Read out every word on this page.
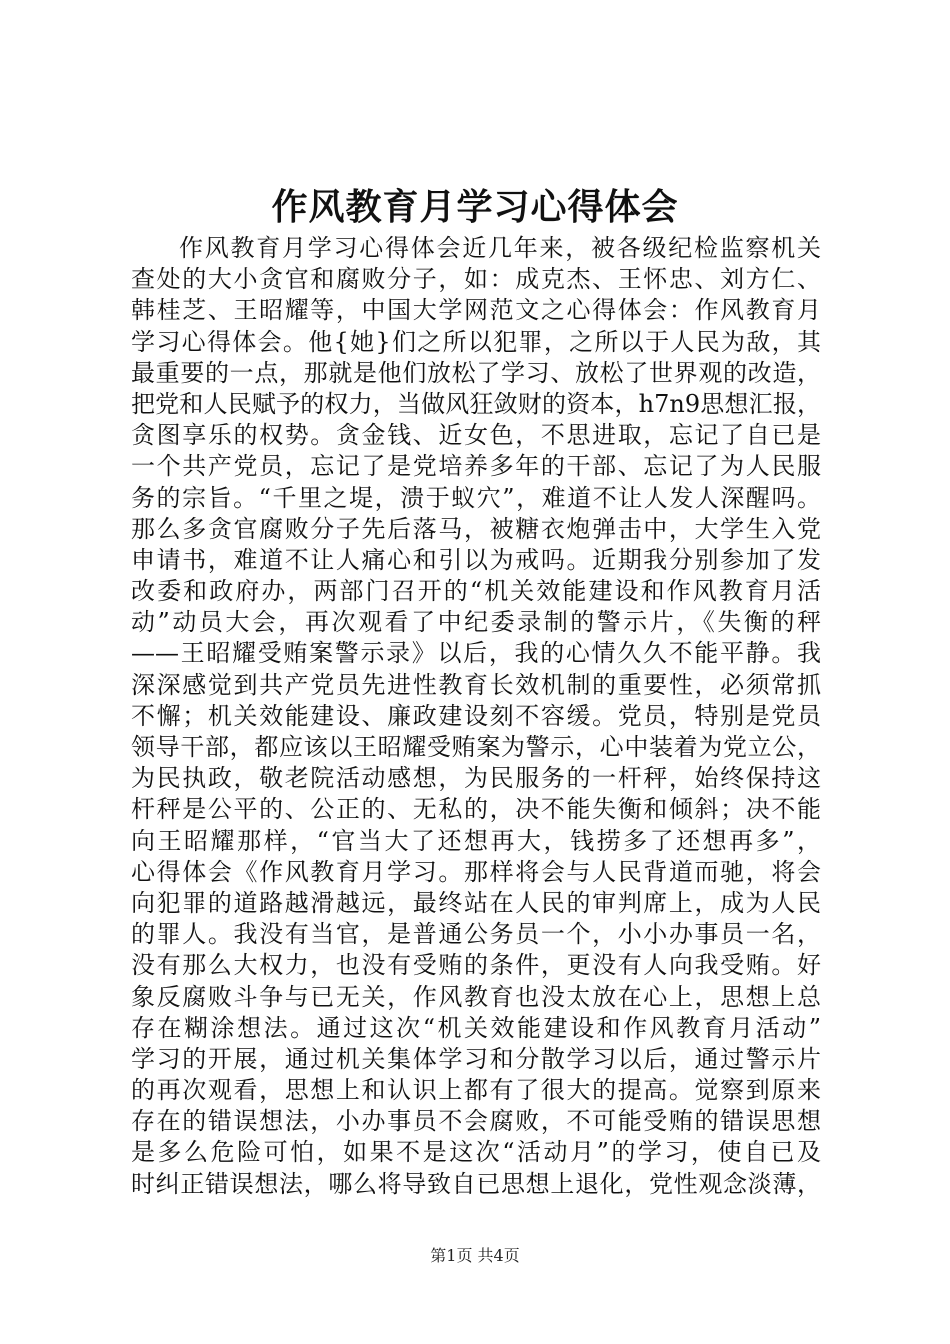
作风教育月学习心得体会
作风教育月学习心得体会近几年来，被各级纪检监察机关
查处的大小贪官和腐败分子，如：成克杰、王怀忠、刘方仁、
韩桂芝、王昭耀等，中国大学网范文之心得体会：作风教育月
学习心得体会。他{她}们之所以犯罪，之所以于人民为敌，其
最重要的一点，那就是他们放松了学习、放松了世界观的改造，
把党和人民赋予的权力，当做风狂敛财的资本，h7n9思想汇报，
贪图享乐的权势。贪金钱、近女色，不思进取，忘记了自已是
一个共产党员，忘记了是党培养多年的干部、忘记了为人民服
务的宗旨。“千里之堤，溃于蚁穴”，难道不让人发人深醒吗。
那么多贪官腐败分子先后落马，被糖衣炮弹击中，大学生入党
申请书，难道不让人痛心和引以为戒吗。近期我分别参加了发
改委和政府办，两部门召开的“机关效能建设和作风教育月活
动”动员大会，再次观看了中纪委录制的警示片，《失衡的秤
——王昭耀受贿案警示录》以后，我的心情久久不能平静。我
深深感觉到共产党员先进性教育长效机制的重要性，必须常抓
不懈；机关效能建设、廉政建设刻不容缓。党员，特别是党员
领导干部，都应该以王昭耀受贿案为警示，心中装着为党立公，
为民执政，敬老院活动感想，为民服务的一杆秤，始终保持这
杆秤是公平的、公正的、无私的，决不能失衡和倾斜；决不能
向王昭耀那样，“官当大了还想再大，钱捞多了还想再多”，
心得体会《作风教育月学习。那样将会与人民背道而驰，将会
向犯罪的道路越滑越远，最终站在人民的审判席上，成为人民
的罪人。我没有当官，是普通公务员一个，小小办事员一名，
没有那么大权力，也没有受贿的条件，更没有人向我受贿。好
象反腐败斗争与已无关，作风教育也没太放在心上，思想上总
存在糊涂想法。通过这次“机关效能建设和作风教育月活动”
学习的开展，通过机关集体学习和分散学习以后，通过警示片
的再次观看，思想上和认识上都有了很大的提高。觉察到原来
存在的错误想法，小办事员不会腐败，不可能受贿的错误思想
是多么危险可怕，如果不是这次“活动月”的学习，使自已及
时纠正错误想法，哪么将导致自已思想上退化，党性观念淡薄，
第1页 共4页
